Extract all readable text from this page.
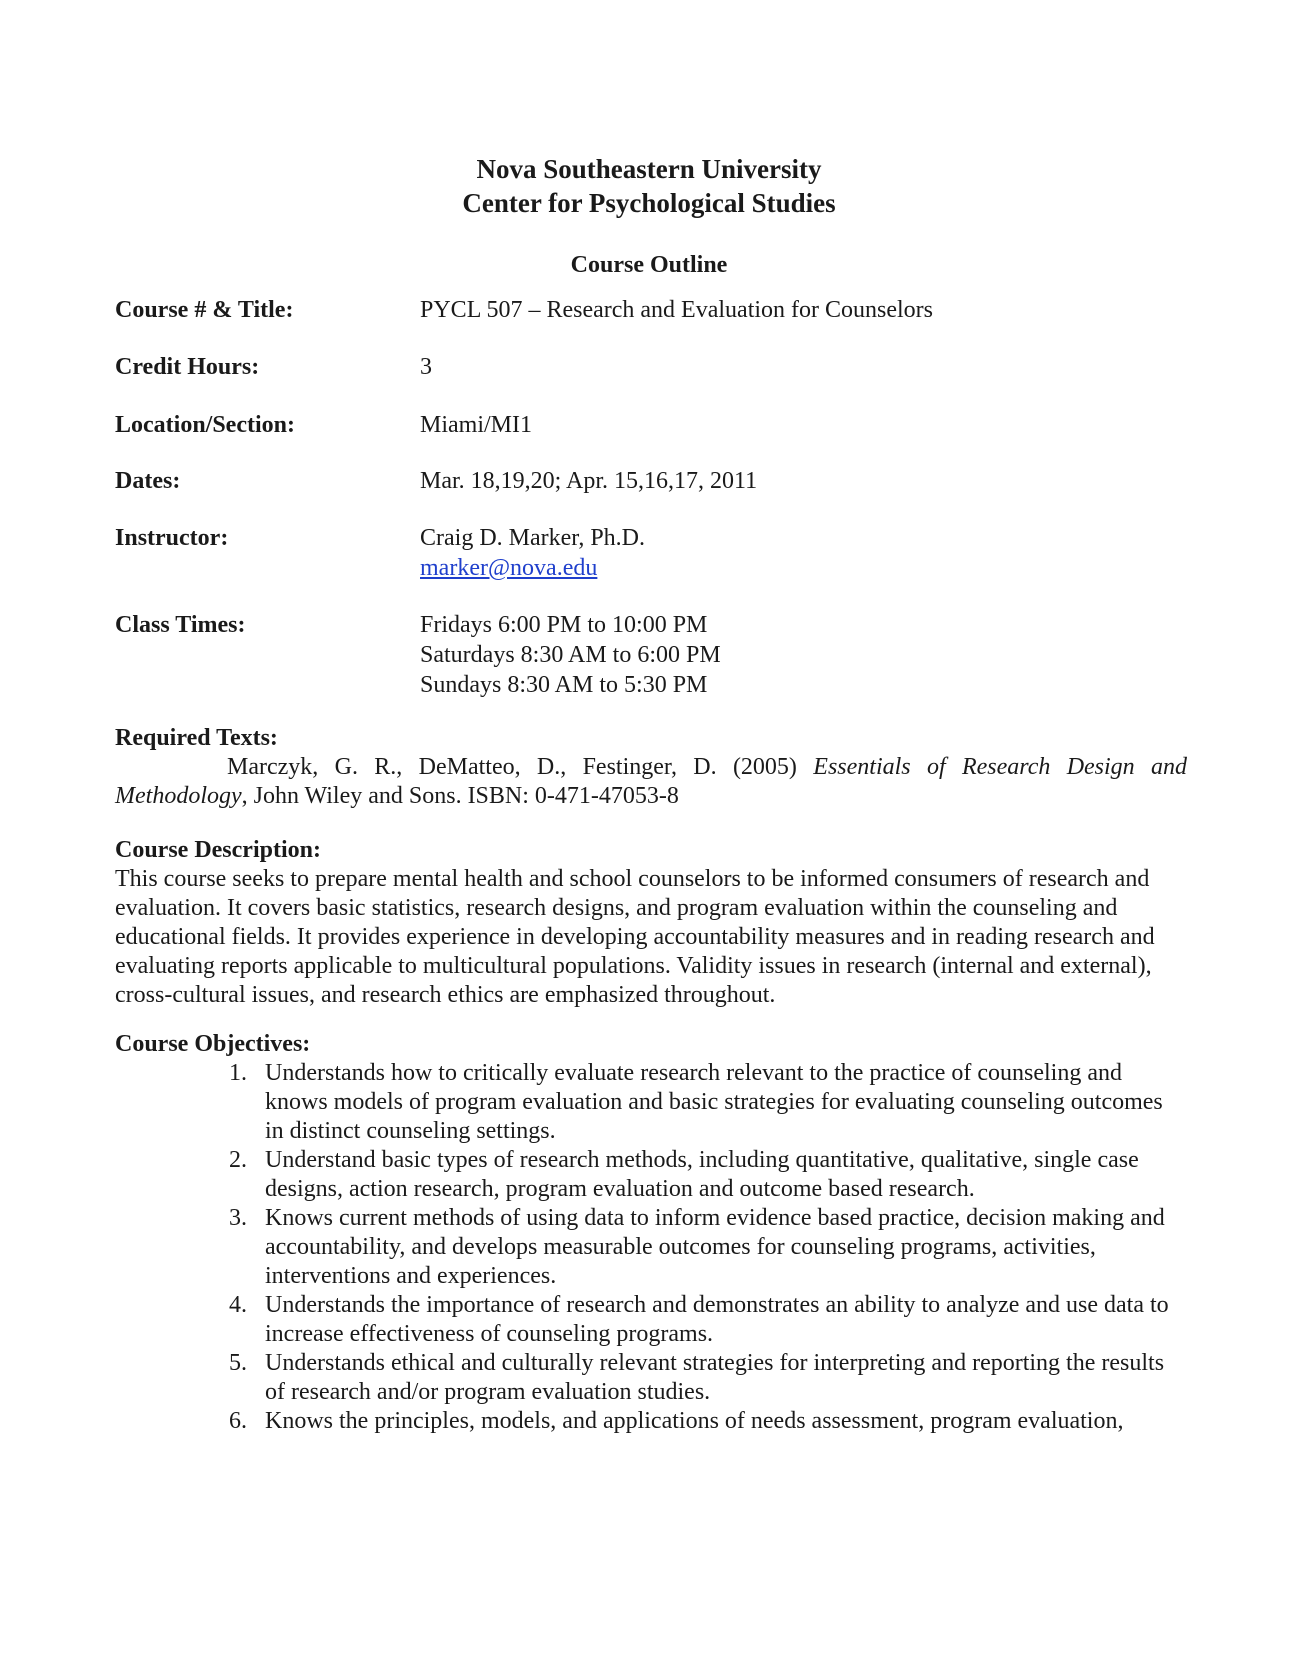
Nova Southeastern University
Center for Psychological Studies
Course Outline
Course # & Title:	PYCL 507 – Research and Evaluation for Counselors
Credit Hours:	3
Location/Section:	Miami/MI1
Dates:	Mar. 18,19,20; Apr. 15,16,17, 2011
Instructor:	Craig D. Marker, Ph.D.
marker@nova.edu
Class Times:	Fridays 6:00 PM to 10:00 PM
Saturdays 8:30 AM to 6:00 PM
Sundays 8:30 AM to 5:30 PM
Required Texts:
Marczyk, G. R., DeMatteo, D., Festinger, D. (2005) Essentials of Research Design and Methodology, John Wiley and Sons. ISBN: 0-471-47053-8
Course Description:
This course seeks to prepare mental health and school counselors to be informed consumers of research and evaluation. It covers basic statistics, research designs, and program evaluation within the counseling and educational fields. It provides experience in developing accountability measures and in reading research and evaluating reports applicable to multicultural populations. Validity issues in research (internal and external), cross-cultural issues, and research ethics are emphasized throughout.
Course Objectives:
1. Understands how to critically evaluate research relevant to the practice of counseling and knows models of program evaluation and basic strategies for evaluating counseling outcomes in distinct counseling settings.
2. Understand basic types of research methods, including quantitative, qualitative, single case designs, action research, program evaluation and outcome based research.
3. Knows current methods of using data to inform evidence based practice, decision making and accountability, and develops measurable outcomes for counseling programs, activities, interventions and experiences.
4. Understands the importance of research and demonstrates an ability to analyze and use data to increase effectiveness of counseling programs.
5. Understands ethical and culturally relevant strategies for interpreting and reporting the results of research and/or program evaluation studies.
6. Knows the principles, models, and applications of needs assessment, program evaluation,
